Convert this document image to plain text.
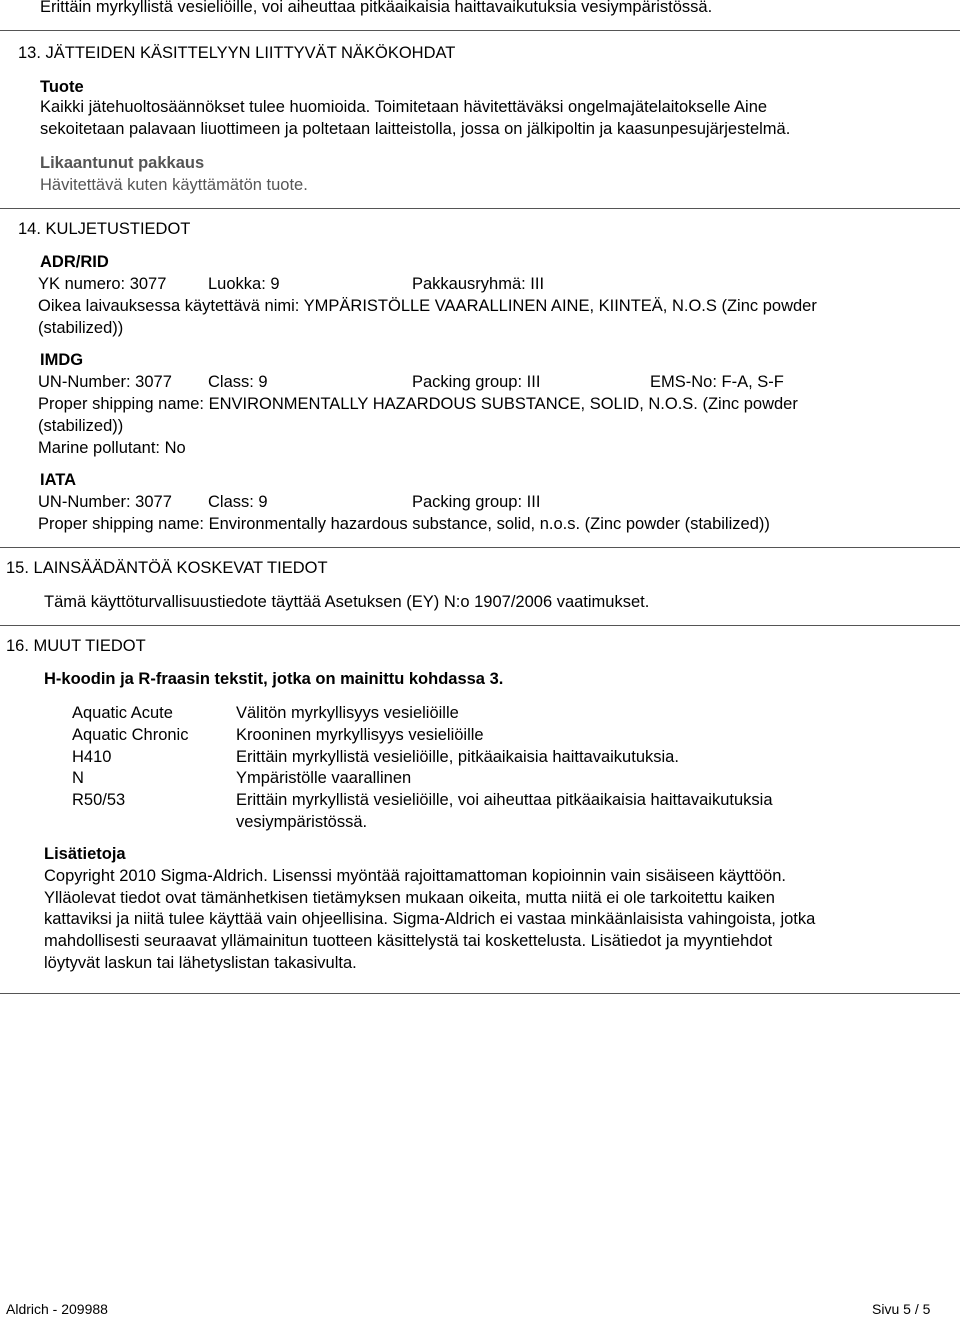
Erittäin myrkyllistä vesieliöille, voi aiheuttaa pitkäaikaisia haittavaikutuksia vesiympäristössä.
13. JÄTTEIDEN KÄSITTELYYN LIITTYVÄT NÄKÖKOHDAT
Tuote
Kaikki jätehuoltosäännökset tulee huomioida. Toimitetaan hävitettäväksi ongelmajätelaitokselle Aine
sekoitetaan palavaan liuottimeen ja poltetaan laitteistolla, jossa on jälkipoltin ja kaasunpesujärjestelmä.
Likaantunut pakkaus
Hävitettävä kuten käyttämätön tuote.
14. KULJETUSTIEDOT
ADR/RID
YK numero: 3077	Luokka: 9	Pakkausryhmä: III
Oikea laivauksessa käytettävä nimi: YMPÄRISTÖLLE VAARALLINEN AINE, KIINTEÄ, N.O.S (Zinc powder
(stabilized))
IMDG
UN-Number: 3077 Class: 9	Packing group: III	EMS-No: F-A, S-F
Proper shipping name: ENVIRONMENTALLY HAZARDOUS SUBSTANCE, SOLID, N.O.S. (Zinc powder
(stabilized))
Marine pollutant: No
IATA
UN-Number: 3077 Class: 9	Packing group: III
Proper shipping name: Environmentally hazardous substance, solid, n.o.s. (Zinc powder (stabilized))
15. LAINSÄÄDÄNTÖÄ KOSKEVAT TIEDOT
Tämä käyttöturvallisuustiedote täyttää Asetuksen (EY) N:o 1907/2006 vaatimukset.
16. MUUT TIEDOT
H-koodin ja R-fraasin tekstit, jotka on mainittu kohdassa 3.
Aquatic Acute	Välitön myrkyllisyys vesieliöille
Aquatic Chronic	Krooninen myrkyllisyys vesieliöille
H410	Erittäin myrkyllistä vesieliöille, pitkäaikaisia haittavaikutuksia.
N	Ympäristölle vaarallinen
R50/53	Erittäin myrkyllistä vesieliöille, voi aiheuttaa pitkäaikaisia haittavaikutuksia
vesiympäristössä.
Lisätietoja
Copyright 2010 Sigma-Aldrich. Lisenssi myöntää rajoittamattoman kopioinnin vain sisäiseen käyttöön.
Ylläolevat tiedot ovat tämänhetkisen tietämyksen mukaan oikeita, mutta niitä ei ole tarkoitettu kaiken
kattaviksi ja niitä tulee käyttää vain ohjeellisina. Sigma-Aldrich ei vastaa minkäänlaisista vahingoista, jotka
mahdollisesti seuraavat yllämainitun tuotteen käsittelystä tai koskettelusta. Lisätiedot ja myyntiehdot
löytyvät laskun tai lähetyslistan takasivulta.
Aldrich - 209988	Sivu 5 / 5
